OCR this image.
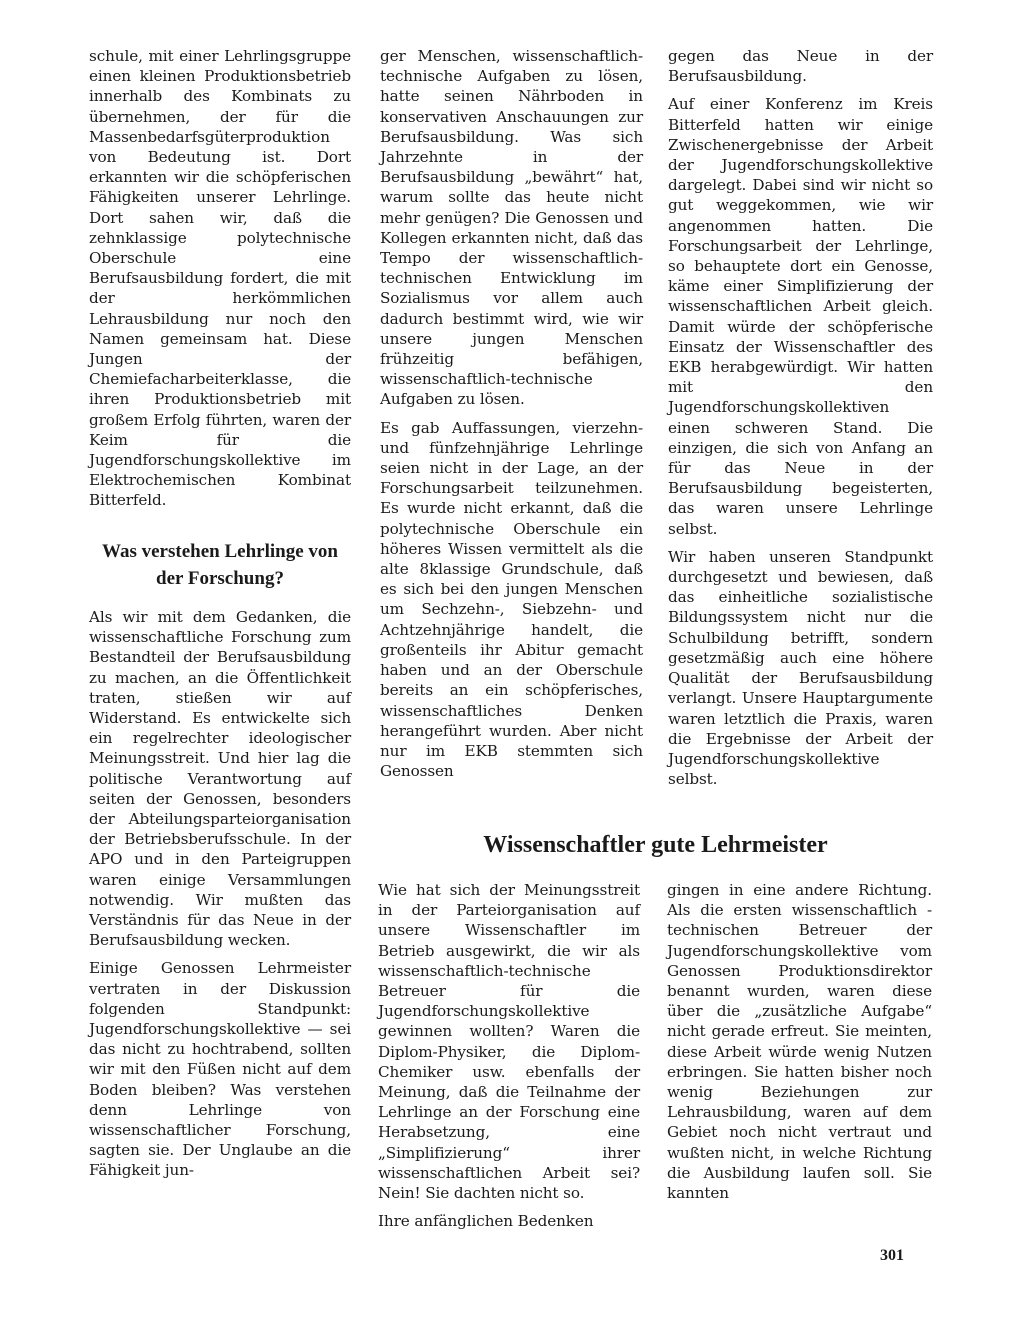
schule, mit einer Lehrlingsgruppe einen kleinen Produktionsbetrieb innerhalb des Kombinats zu übernehmen, der für die Massenbedarfsgüterproduktion von Bedeutung ist. Dort erkannten wir die schöpferischen Fähigkeiten unserer Lehrlinge. Dort sahen wir, daß die zehnklassige polytechnische Oberschule eine Berufsausbildung fordert, die mit der herkömmlichen Lehrausbildung nur noch den Namen gemeinsam hat. Diese Jungen der Chemiefacharbeiterklasse, die ihren Produktionsbetrieb mit großem Erfolg führten, waren der Keim für die Jugendforschungskollektive im Elektrochemischen Kombinat Bitterfeld.

Was verstehen Lehrlinge von der Forschung?

Als wir mit dem Gedanken, die wissenschaftliche Forschung zum Bestandteil der Berufsausbildung zu machen, an die Öffentlichkeit traten, stießen wir auf Widerstand. Es entwickelte sich ein regelrechter ideologischer Meinungsstreit. Und hier lag die politische Verantwortung auf seiten der Genossen, besonders der Abteilungsparteiorganisation der Betriebsberufsschule. In der APO und in den Parteigruppen waren einige Versammlungen notwendig. Wir mußten das Verständnis für das Neue in der Berufsausbildung wecken.

Einige Genossen Lehrmeister vertraten in der Diskussion folgenden Standpunkt: Jugendforschungskollektive — sei das nicht zu hochtrabend, sollten wir mit den Füßen nicht auf dem Boden bleiben? Was verstehen denn Lehrlinge von wissenschaftlicher Forschung, sagten sie. Der Unglaube an die Fähigkeit jun-

ger Menschen, wissenschaftlich-technische Aufgaben zu lösen, hatte seinen Nährboden in konservativen Anschauungen zur Berufsausbildung. Was sich Jahrzehnte in der Berufsausbildung „bewährt“ hat, warum sollte das heute nicht mehr genügen? Die Genossen und Kollegen erkannten nicht, daß das Tempo der wissenschaftlich-technischen Entwicklung im Sozialismus vor allem auch dadurch bestimmt wird, wie wir unsere jungen Menschen frühzeitig befähigen, wissenschaftlich-technische Aufgaben zu lösen.

Es gab Auffassungen, vierzehn- und fünfzehnjährige Lehrlinge seien nicht in der Lage, an der Forschungsarbeit teilzunehmen. Es wurde nicht erkannt, daß die polytechnische Oberschule ein höheres Wissen vermittelt als die alte 8klassige Grundschule, daß es sich bei den jungen Menschen um Sechzehn-, Siebzehn- und Achtzehnjährige handelt, die großenteils ihr Abitur gemacht haben und an der Oberschule bereits an ein schöpferisches, wissenschaftliches Denken herangeführt wurden. Aber nicht nur im EKB stemmten sich Genossen

gegen das Neue in der Berufsausbildung.

Auf einer Konferenz im Kreis Bitterfeld hatten wir einige Zwischenergebnisse der Arbeit der Jugendforschungskollektive dargelegt. Dabei sind wir nicht so gut weggekommen, wie wir angenommen hatten. Die Forschungsarbeit der Lehrlinge, so behauptete dort ein Genosse, käme einer Simplifizierung der wissenschaftlichen Arbeit gleich. Damit würde der schöpferische Einsatz der Wissenschaftler des EKB herabgewürdigt. Wir hatten mit den Jugendforschungskollektiven einen schweren Stand. Die einzigen, die sich von Anfang an für das Neue in der Berufsausbildung begeisterten, das waren unsere Lehrlinge selbst.

Wir haben unseren Standpunkt durchgesetzt und bewiesen, daß das einheitliche sozialistische Bildungssystem nicht nur die Schulbildung betrifft, sondern gesetzmäßig auch eine höhere Qualität der Berufsausbildung verlangt. Unsere Hauptargumente waren letztlich die Praxis, waren die Ergebnisse der Arbeit der Jugendforschungskollektive selbst.

Wissenschaftler gute Lehrmeister

Wie hat sich der Meinungsstreit in der Parteiorganisation auf unsere Wissenschaftler im Betrieb ausgewirkt, die wir als wissenschaftlich-technische Betreuer für die Jugendforschungskollektive gewinnen wollten? Waren die Diplom-Physiker, die Diplom-Chemiker usw. ebenfalls der Meinung, daß die Teilnahme der Lehrlinge an der Forschung eine Herabsetzung, eine „Simplifizierung“ ihrer wissenschaftlichen Arbeit sei? Nein! Sie dachten nicht so.

Ihre anfänglichen Bedenken

gingen in eine andere Richtung. Als die ersten wissenschaftlich - technischen Betreuer der Jugendforschungskollektive vom Genossen Produktionsdirektor benannt wurden, waren diese über die „zusätzliche Aufgabe“ nicht gerade erfreut. Sie meinten, diese Arbeit würde wenig Nutzen erbringen. Sie hatten bisher noch wenig Beziehungen zur Lehrausbildung, waren auf dem Gebiet noch nicht vertraut und wußten nicht, in welche Richtung die Ausbildung laufen soll. Sie kannten

301
